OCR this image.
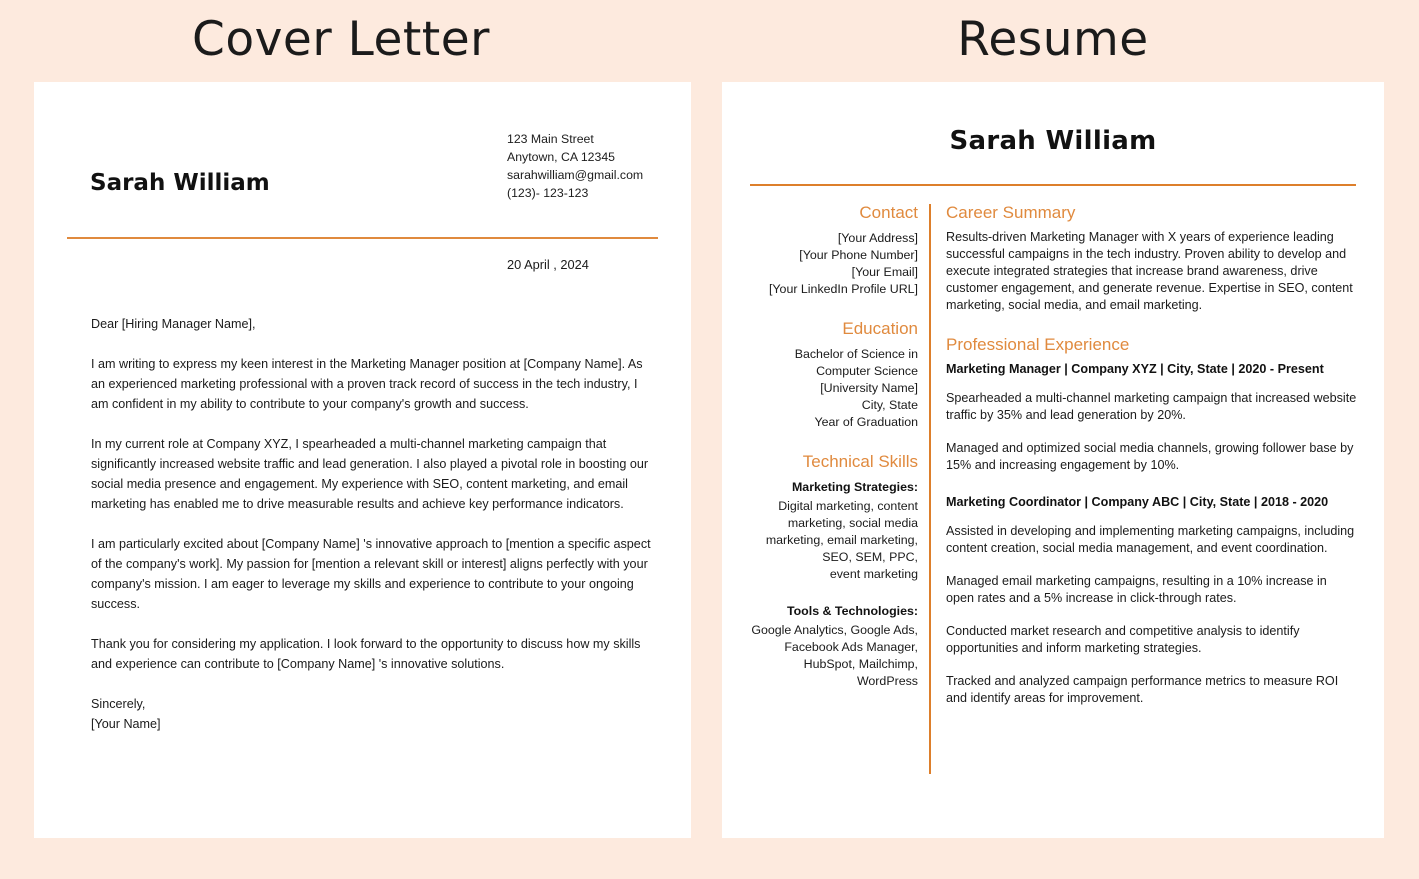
Cover Letter	Resume
Sarah William
123 Main Street
Anytown, CA 12345
sarahwilliam@gmail.com
(123)- 123-123
20 April , 2024

Dear [Hiring Manager Name],

I am writing to express my keen interest in the Marketing Manager position at [Company Name]. As an experienced marketing professional with a proven track record of success in the tech industry, I am confident in my ability to contribute to your company's growth and success.

In my current role at Company XYZ, I spearheaded a multi-channel marketing campaign that significantly increased website traffic and lead generation. I also played a pivotal role in boosting our social media presence and engagement. My experience with SEO, content marketing, and email

marketing has enabled me to drive measurable results and achieve key performance indicators.

I am particularly excited about [Company Name] 's innovative approach to [mention a specific aspect of the company's work]. My passion for [mention a relevant skill or interest] aligns perfectly with your company's mission. I am eager to leverage my skills and experience to contribute to your ongoing success.

Thank you for considering my application. I look forward to the opportunity to discuss how my skills and experience can contribute to [Company Name] 's innovative solutions.

Sincerely,

[Your Name]

Sarah William
Contact
[Your Address]
[Your Phone Number]
[Your Email]
[Your LinkedIn Profile URL]
Education
Bachelor of Science in
Computer Science
[University Name]
City, State
Year of Graduation
Technical Skills
Marketing Strategies:
Digital marketing, content
marketing, social media
marketing, email marketing,
SEO, SEM, PPC,
event marketing
Tools & Technologies:
Google Analytics, Google Ads,
Facebook Ads Manager,
HubSpot, Mailchimp,
WordPress
Career Summary
Results-driven Marketing Manager with X years of experience leading successful campaigns in the tech industry. Proven ability to develop and execute integrated strategies that increase brand awareness, drive customer engagement, and generate revenue. Expertise in SEO, content marketing, social media, and email marketing.
Professional Experience
Marketing Manager | Company XYZ | City, State | 2020 - Present
Spearheaded a multi-channel marketing campaign that increased website traffic by 35% and lead generation by 20%.
Managed and optimized social media channels, growing follower base by 15% and increasing engagement by 10%.
Marketing Coordinator | Company ABC | City, State | 2018 - 2020
Assisted in developing and implementing marketing campaigns, including content creation, social media management, and event coordination.
Managed email marketing campaigns, resulting in a 10% increase in open rates and a 5% increase in click-through rates.
Conducted market research and competitive analysis to identify opportunities and inform marketing strategies.
Tracked and analyzed campaign performance metrics to measure ROI and identify areas for improvement.
